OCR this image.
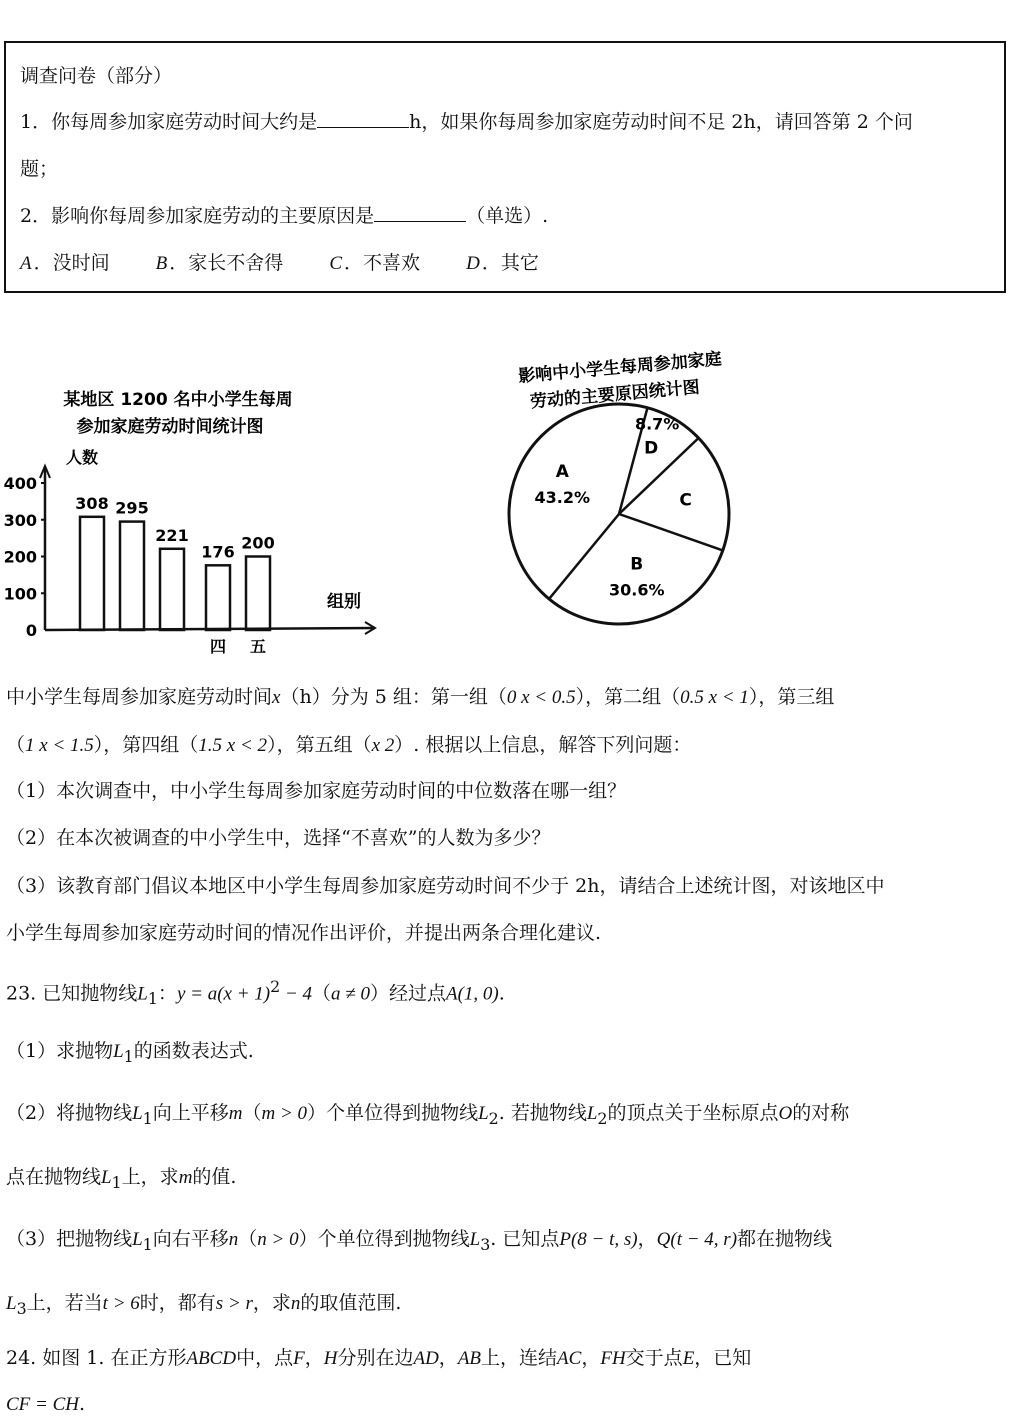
调查问卷（部分）
1．你每周参加家庭劳动时间大约是	h，如果你每周参加家庭劳动时间不足 2h，请回答第 2 个问
题；
2．影响你每周参加家庭劳动的主要原因是	（单选）.
A ．没时间 B ．家长不舍得 C ．不喜欢 D ．其它
某地区 1200 名中小学生每周
参加家庭劳动时间统计图
人数
组别
0
100
200
300
400
308 295
221
176
四
200
五
影响中小学生每周参加家庭
劳动的主要原因统计图
8.7%
D
C
B
30.6%
A
43.2%
中小学生每周参加家庭劳动时间x（h）分为 5 组：第一组（0 x < 0.5），第二组（0.5 x < 1），第三组
（1 x < 1.5），第四组（1.5 x < 2），第五组（x 2）. 根据以上信息，解答下列问题：
（1）本次调查中，中小学生每周参加家庭劳动时间的中位数落在哪一组？
（2）在本次被调查的中小学生中，选择“不喜欢”的人数为多少？
（3）该教育部门倡议本地区中小学生每周参加家庭劳动时间不少于 2h，请结合上述统计图，对该地区中
小学生每周参加家庭劳动时间的情况作出评价，并提出两条合理化建议.
23. 已知抛物线$L_1$：$y = a(x + 1)^2 - 4(a \ne 0)$经过点A(1, 0).
（1）求抛物$L_1$的函数表达式.
（2）将抛物线$L_1$向上平移m（m > 0）个单位得到抛物线$L_2$. 若抛物线$L_2$的顶点关于坐标原点O的对称
点在抛物线$L_1$上，求m的值.
（3）把抛物线$L_1$向右平移n（n > 0）个单位得到抛物线$L_3$. 已知点P(8 − t, s)，Q(t − 4, r)都在抛物线
$L_3$上，若当t > 6时，都有s > r，求n的取值范围.
24. 如图 1. 在正方形ABCD中，点F，H分别在边AD，AB上，连结AC，FH交于点E，已知
CF = CH.
